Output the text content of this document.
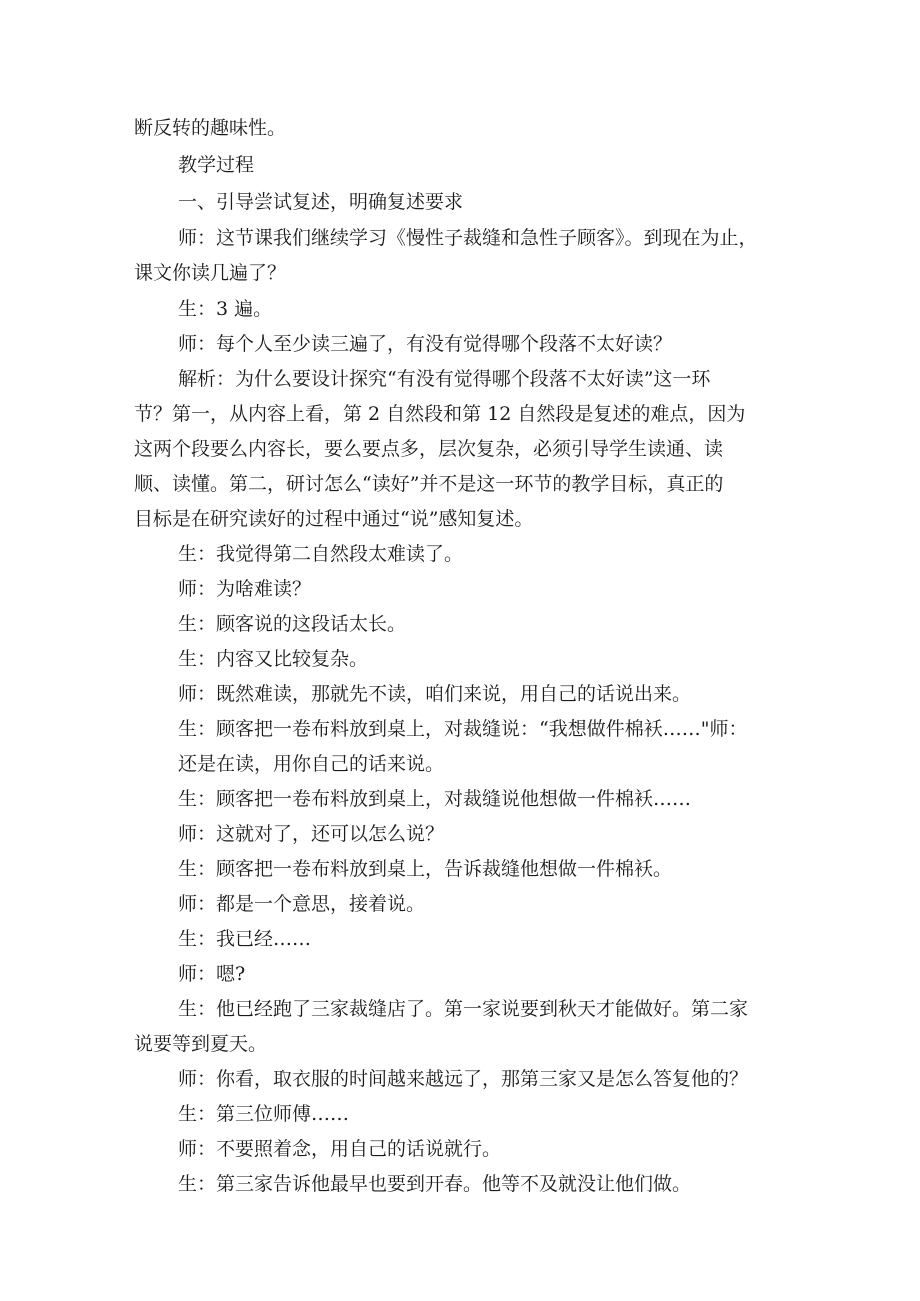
断反转的趣味性。
教学过程
一、引导尝试复述，明确复述要求
师：这节课我们继续学习《慢性子裁缝和急性子顾客》。到现在为止，
课文你读几遍了？
生：3 遍。
师：每个人至少读三遍了，有没有觉得哪个段落不太好读？
解析：为什么要设计探究“有没有觉得哪个段落不太好读”这一环
节？第一，从内容上看，第 2 自然段和第 12 自然段是复述的难点，因为
这两个段要么内容长，要么要点多，层次复杂，必须引导学生读通、读
顺、读懂。第二，研讨怎么“读好”并不是这一环节的教学目标，真正的
目标是在研究读好的过程中通过“说”感知复述。
生：我觉得第二自然段太难读了。
师：为啥难读？
生：顾客说的这段话太长。
生：内容又比较复杂。
师：既然难读，那就先不读，咱们来说，用自己的话说出来。
生：顾客把一卷布料放到桌上，对裁缝说：“我想做件棉袄……"师：
还是在读，用你自己的话来说。
生：顾客把一卷布料放到桌上，对裁缝说他想做一件棉袄……
师：这就对了，还可以怎么说？
生：顾客把一卷布料放到桌上，告诉裁缝他想做一件棉袄。
师：都是一个意思，接着说。
生：我已经……
师：嗯?
生：他已经跑了三家裁缝店了。第一家说要到秋天才能做好。第二家
说要等到夏天。
师：你看，取衣服的时间越来越远了，那第三家又是怎么答复他的？
生：第三位师傅……
师：不要照着念，用自己的话说就行。
生：第三家告诉他最早也要到开春。他等不及就没让他们做。
